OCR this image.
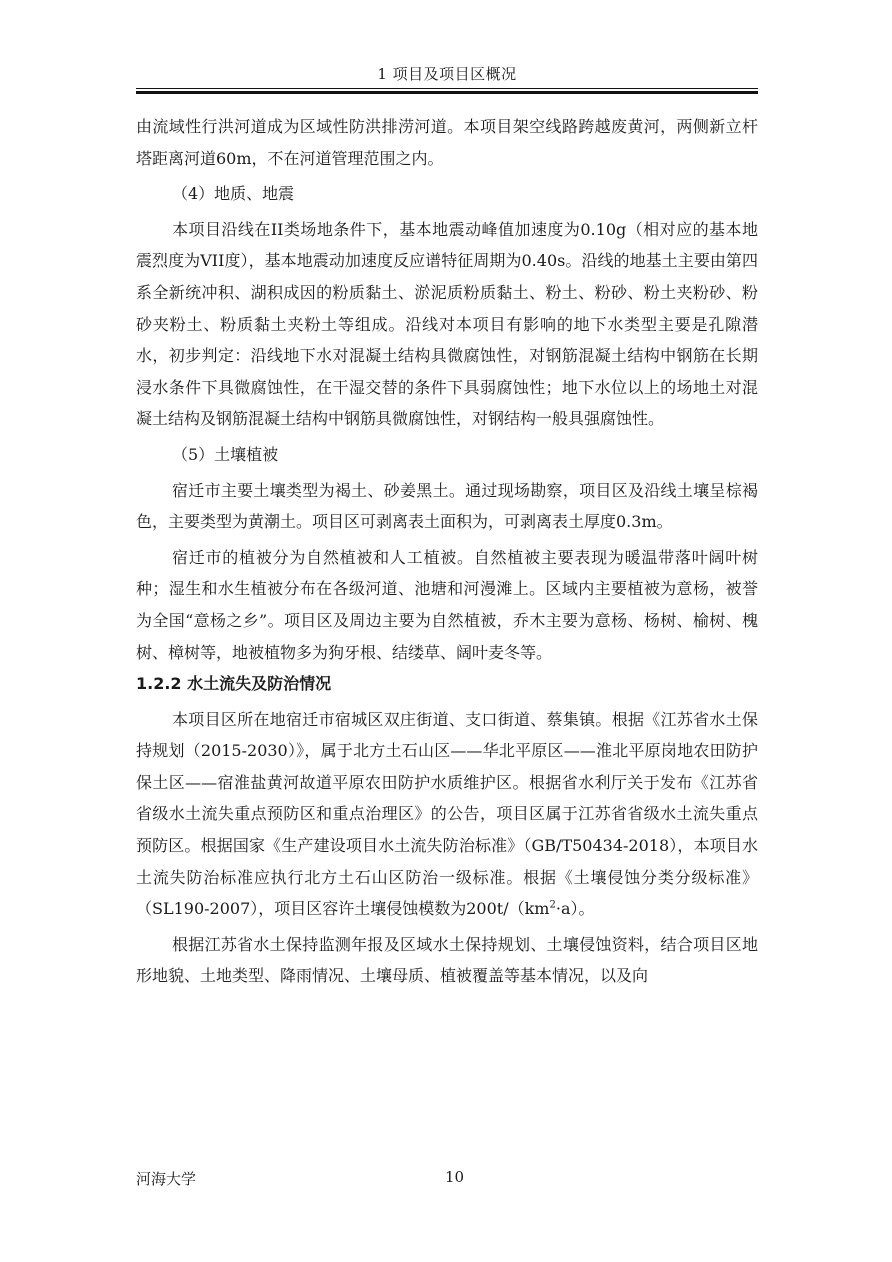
1 项目及项目区概况

由流域性行洪河道成为区域性防洪排涝河道。本项目架空线路跨越废黄河，两侧新立杆塔距离河道60m，不在河道管理范围之内。

（4）地质、地震

本项目沿线在II类场地条件下，基本地震动峰值加速度为0.10g（相对应的基本地震烈度为VII度），基本地震动加速度反应谱特征周期为0.40s。沿线的地基土主要由第四系全新统冲积、湖积成因的粉质黏土、淤泥质粉质黏土、粉土、粉砂、粉土夹粉砂、粉砂夹粉土、粉质黏土夹粉土等组成。沿线对本项目有影响的地下水类型主要是孔隙潜水，初步判定：沿线地下水对混凝土结构具微腐蚀性，对钢筋混凝土结构中钢筋在长期浸水条件下具微腐蚀性，在干湿交替的条件下具弱腐蚀性；地下水位以上的场地土对混凝土结构及钢筋混凝土结构中钢筋具微腐蚀性，对钢结构一般具强腐蚀性。

（5）土壤植被

宿迁市主要土壤类型为褐土、砂姜黑土。通过现场勘察，项目区及沿线土壤呈棕褐色，主要类型为黄潮土。项目区可剥离表土面积为，可剥离表土厚度0.3m。

宿迁市的植被分为自然植被和人工植被。自然植被主要表现为暖温带落叶阔叶树种；湿生和水生植被分布在各级河道、池塘和河漫滩上。区域内主要植被为意杨，被誉为全国“意杨之乡”。项目区及周边主要为自然植被，乔木主要为意杨、杨树、榆树、槐树、樟树等，地被植物多为狗牙根、结缕草、阔叶麦冬等。

1.2.2 水土流失及防治情况

本项目区所在地宿迁市宿城区双庄街道、支口街道、蔡集镇。根据《江苏省水土保持规划（2015-2030）》，属于北方土石山区——华北平原区——淮北平原岗地农田防护保土区——宿淮盐黄河故道平原农田防护水质维护区。根据省水利厅关于发布《江苏省省级水土流失重点预防区和重点治理区》的公告，项目区属于江苏省省级水土流失重点预防区。根据国家《生产建设项目水土流失防治标准》（GB/T50434-2018），本项目水土流失防治标准应执行北方土石山区防治一级标准。根据《土壤侵蚀分类分级标准》（SL190-2007），项目区容许土壤侵蚀模数为$200t/(km^2\cdot a)$。

根据江苏省水土保持监测年报及区域水土保持规划、土壤侵蚀资料，结合项目区地形地貌、土地类型、降雨情况、土壤母质、植被覆盖等基本情况，以及向

河海大学	10
